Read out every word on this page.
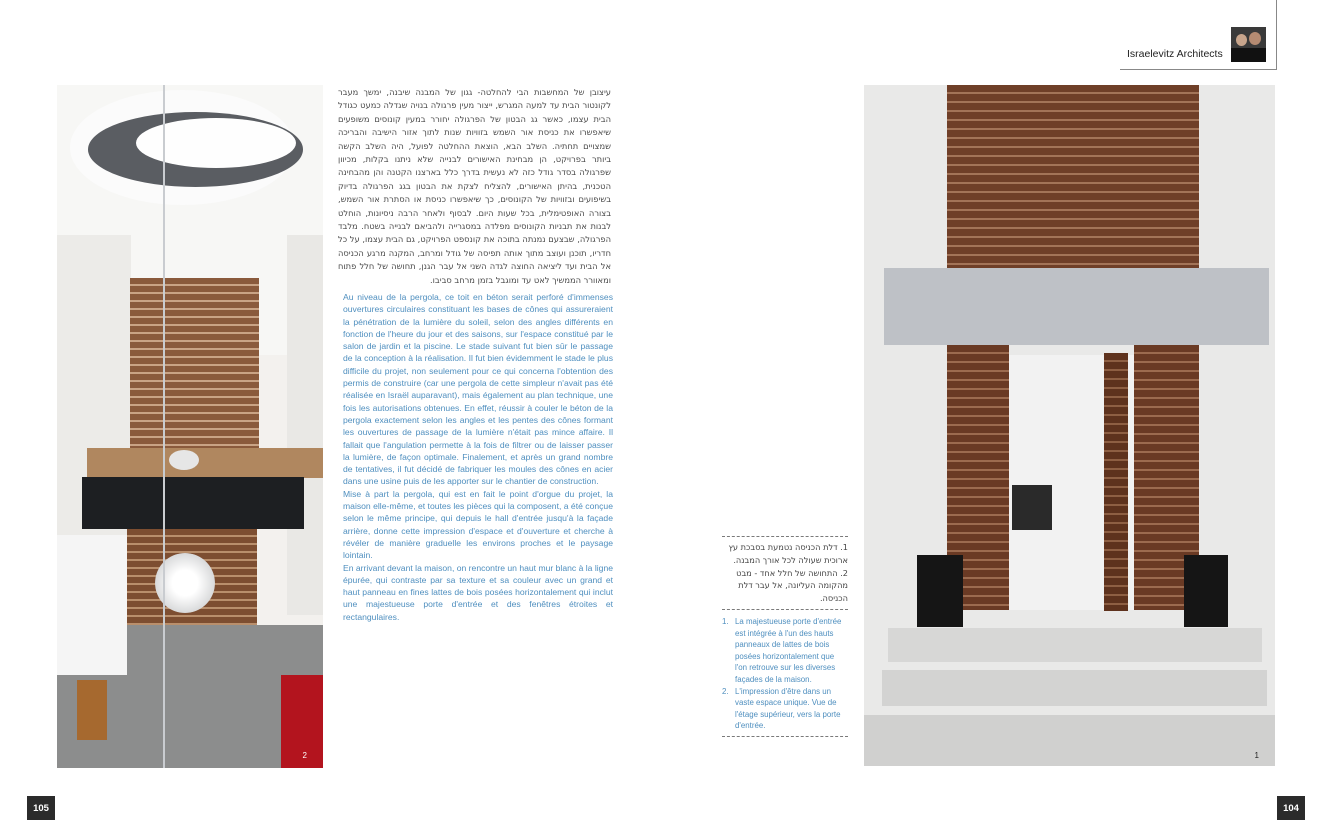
2	1

עיצובן של המחשבות הבי להחלטה- גגון של המבנה שיבנה, ימשך מעבר לקונטור הבית עד למעה המגרש, ייצור מעין פרגולה בנויה שגדלה כמעט כגודל הבית עצמו, כאשר גג הבטון של הפרגולה יחורר במעין קונוסים משופעים שיאפשרו את כניסת אור השמש בזוויות שנות לתוך אזור הישיבה והבריכה שמצויים תחתיה. השלב הבא, הוצאת ההחלטה לפועל, היה השלב הקשה ביותר בפרויקט, הן מבחינת האישורים לבנייה שלא ניתנו בקלות, מכיוון שפרגולה בסדר גודל כזה לא נעשית בדרך כלל בארצנו הקטנה והן מהבחינה הטכנית, בהיתן האישורים, להצליח לצקת את הבטון בגג הפרגולה בדיוק בשיפועים ובזוויות של הקונוסים, כך שיאפשרו כניסת או הסתרת אור השמש, בצורה האופטימלית, בכל שעות היום. לבסוף ולאחר הרבה ניסיונות, הוחלט לבנות את תבניות הקונוסים מפלדה במסגרייה ולהביאם לבנייה בשטח. מלבד הפרגולה, שבצעם נמנתה בתוכה את קונספט הפרויקט, גם הבית עצמו, על כל חדריו, תוכנן ועוצב מתוך אותה תפיסה של גודל ומרחב, המקנה מרגע הכניסה אל הבית ועד ליציאה החוצה לגדה השני אל עבר הגנן, תחושה של חלל פתוח ומאוורר הממשיך לאט עד ומוגבל בזמן מרחב סביבו.

Au niveau de la pergola, ce toit en béton serait perforé d'immenses ouvertures circulaires constituant les bases de cônes qui assureraient la pénétration de la lumière du soleil, selon des angles différents en fonction de l'heure du jour et des saisons, sur l'espace constitué par le salon de jardin et la piscine. Le stade suivant fut bien sûr le passage de la conception à la réalisation. Il fut bien évidemment le stade le plus difficile du projet, non seulement pour ce qui concerna l'obtention des permis de construire (car une pergola de cette simpleur n'avait pas été réalisée en Israël auparavant), mais également au plan technique, une fois les autorisations obtenues. En effet, réussir à couler le béton de la pergola exactement selon les angles et les pentes des cônes formant les ouvertures de passage de la lumière n'était pas mince affaire. Il fallait que l'angulation permette à la fois de filtrer ou de laisser passer la lumière, de façon optimale. Finalement, et après un grand nombre de tentatives, il fut décidé de fabriquer les moules des cônes en acier dans une usine puis de les apporter sur le chantier de construction.
Mise à part la pergola, qui est en fait le point d'orgue du projet, la maison elle-même, et toutes les pièces qui la composent, a été conçue selon le même principe, qui depuis le hall d'entrée jusqu'à la façade arrière, donne cette impression d'espace et d'ouverture et cherche à révéler de manière graduelle les environs proches et le paysage lointain.
En arrivant devant la maison, on rencontre un haut mur blanc à la ligne épurée, qui contraste par sa texture et sa couleur avec un grand et haut panneau en fines lattes de bois posées horizontalement qui inclut une majestueuse porte d'entrée et des fenêtres étroites et rectangulaires.
1. דלת הכניסה נטמעת בסבכת עץ ארוכית שעולה לכל אורך המבנה.
2. התחושה של חלל אחד - מבט מהקומה העליונה, אל עבר דלת הכניסה.
1. La majestueuse porte d'entrée est intégrée à l'un des hauts panneaux de lattes de bois posées horizontalement que l'on retrouve sur les diverses façades de la maison.
2. L'impression d'être dans un vaste espace unique. Vue de l'étage supérieur, vers la porte d'entrée.
Israelevitz Architects
105	104
